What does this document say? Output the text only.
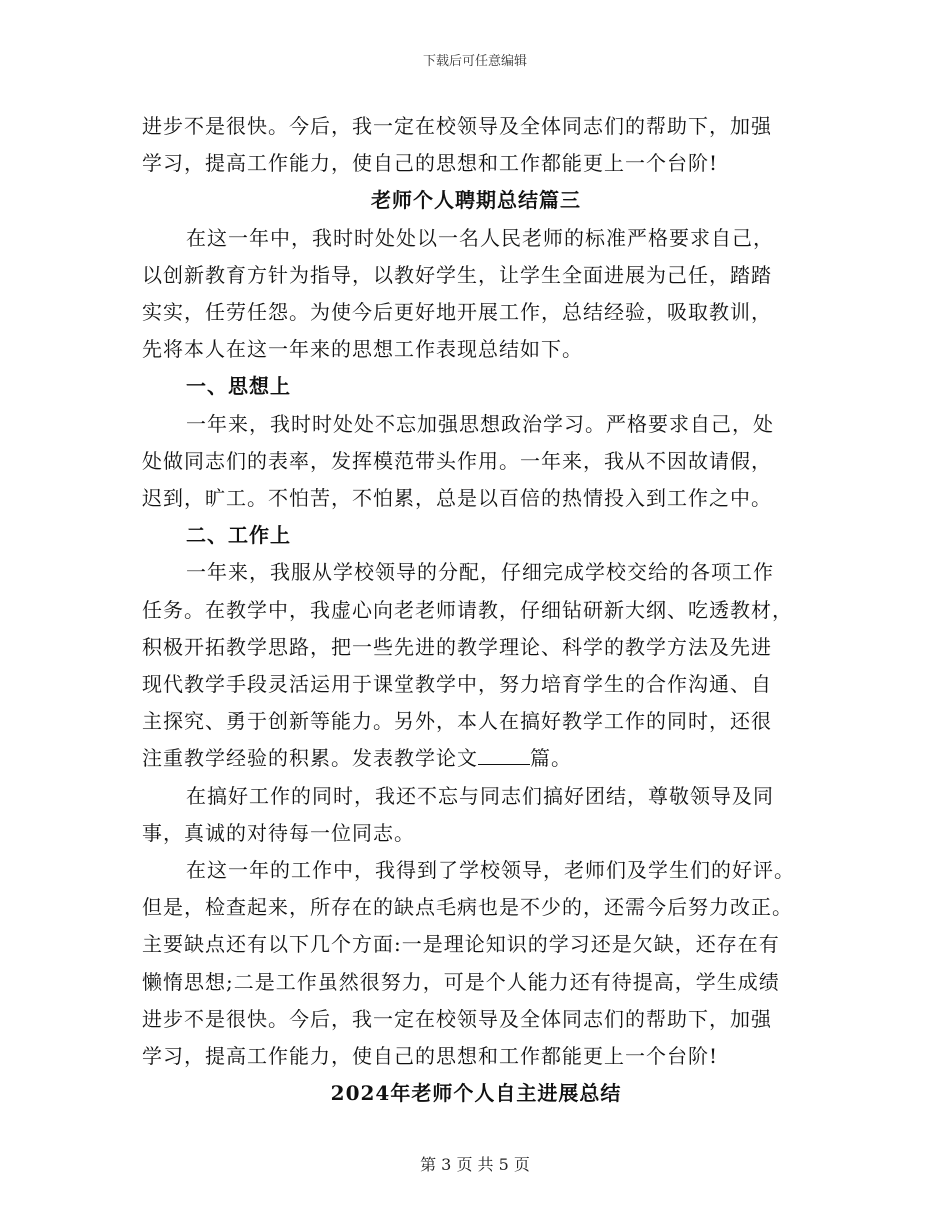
下载后可任意编辑

进步不是很快。今后，我一定在校领导及全体同志们的帮助下，加强

学习，提高工作能力，使自己的思想和工作都能更上一个台阶!

老师个人聘期总结篇三

在这一年中，我时时处处以一名人民老师的标准严格要求自己，

以创新教育方针为指导，以教好学生，让学生全面进展为己任，踏踏

实实，任劳任怨。为使今后更好地开展工作，总结经验，吸取教训，

先将本人在这一年来的思想工作表现总结如下。

一、思想上

一年来，我时时处处不忘加强思想政治学习。严格要求自己，处

处做同志们的表率，发挥模范带头作用。一年来，我从不因故请假，

迟到，旷工。不怕苦，不怕累，总是以百倍的热情投入到工作之中。

二、工作上

一年来，我服从学校领导的分配，仔细完成学校交给的各项工作

任务。在教学中，我虚心向老老师请教，仔细钻研新大纲、吃透教材，

积极开拓教学思路，把一些先进的教学理论、科学的教学方法及先进

现代教学手段灵活运用于课堂教学中，努力培育学生的合作沟通、自

主探究、勇于创新等能力。另外，本人在搞好教学工作的同时，还很

注重教学经验的积累。发表教学论文	篇。

在搞好工作的同时，我还不忘与同志们搞好团结，尊敬领导及同

事，真诚的对待每一位同志。

在这一年的工作中，我得到了学校领导，老师们及学生们的好评。

但是，检查起来，所存在的缺点毛病也是不少的，还需今后努力改正。

主要缺点还有以下几个方面:一是理论知识的学习还是欠缺，还存在有

懒惰思想;二是工作虽然很努力，可是个人能力还有待提高，学生成绩

进步不是很快。今后，我一定在校领导及全体同志们的帮助下，加强

学习，提高工作能力，使自己的思想和工作都能更上一个台阶!

2024年老师个人自主进展总结

第 3 页 共 5 页
